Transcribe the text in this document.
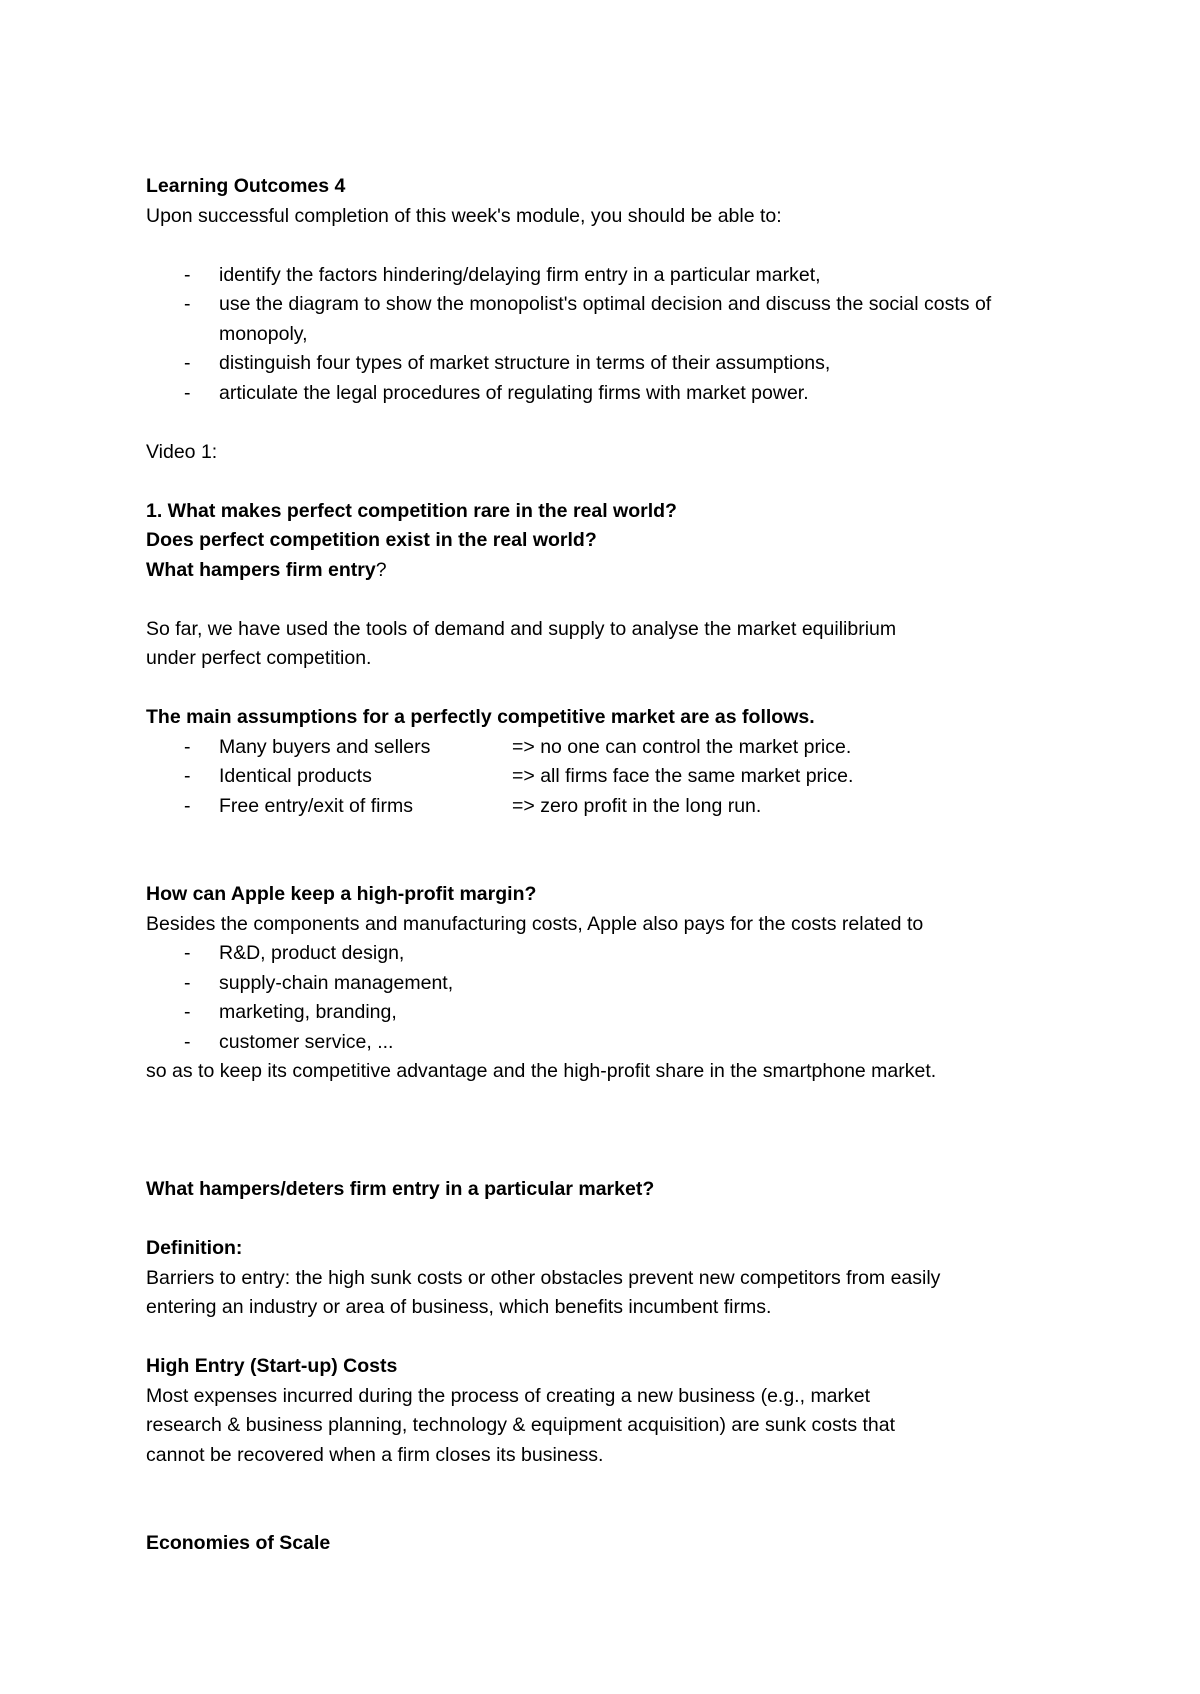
Learning Outcomes 4
Upon successful completion of this week's module, you should be able to:
- identify the factors hindering/delaying firm entry in a particular market,
- use the diagram to show the monopolist's optimal decision and discuss the social costs of monopoly,
- distinguish four types of market structure in terms of their assumptions,
- articulate the legal procedures of regulating firms with market power.
Video 1:
1. What makes perfect competition rare in the real world?
Does perfect competition exist in the real world?
What hampers firm entry?
So far, we have used the tools of demand and supply to analyse the market equilibrium
under perfect competition.
The main assumptions for a perfectly competitive market are as follows.
- Many buyers and sellers	=> no one can control the market price.
- Identical products	=> all firms face the same market price.
- Free entry/exit of firms	=> zero profit in the long run.
How can Apple keep a high-profit margin?
Besides the components and manufacturing costs, Apple also pays for the costs related to
- R&D, product design,
- supply-chain management,
- marketing, branding,
- customer service, ...
so as to keep its competitive advantage and the high-profit share in the smartphone market.
What hampers/deters firm entry in a particular market?
Definition:
Barriers to entry: the high sunk costs or other obstacles prevent new competitors from easily
entering an industry or area of business, which benefits incumbent firms.
High Entry (Start-up) Costs
Most expenses incurred during the process of creating a new business (e.g., market
research & business planning, technology & equipment acquisition) are sunk costs that
cannot be recovered when a firm closes its business.
Economies of Scale
